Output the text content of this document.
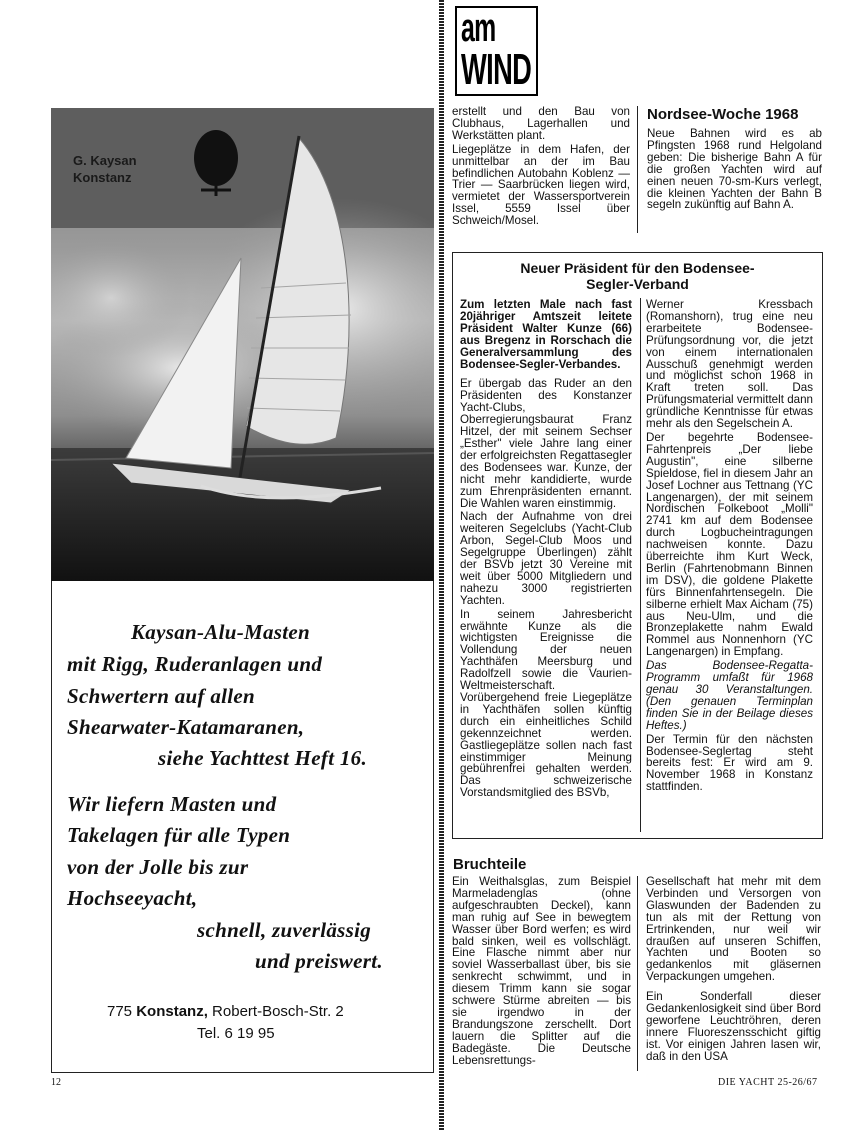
G. Kaysan
Konstanz
Kaysan-Alu-Masten
mit Rigg, Ruderanlagen und
Schwertern auf allen
Shearwater-Katamaranen,
siehe Yachttest Heft 16.
Wir liefern Masten und
Takelagen für alle Typen
von der Jolle bis zur
Hochseeyacht,
schnell, zuverlässig
und preiswert.
775 Konstanz, Robert-Bosch-Str. 2
Tel. 6 19 95
12
am
WIND

erstellt und den Bau von Clubhaus, Lagerhallen und Werkstätten plant.

Liegeplätze in dem Hafen, der unmittelbar an der im Bau befindlichen Autobahn Koblenz — Trier — Saarbrücken liegen wird, vermietet der Wassersportverein Issel, 5559 Issel über Schweich/Mosel.

Nordsee-Woche 1968
Neue Bahnen wird es ab Pfingsten 1968 rund Helgoland geben: Die bisherige Bahn A für die großen Yachten wird auf einen neuen 70-sm-Kurs verlegt, die kleinen Yachten der Bahn B segeln zukünftig auf Bahn A.
Neuer Präsident für den Bodensee-
Segler-Verband

Zum letzten Male nach fast 20jähriger Amtszeit leitete Präsident Walter Kunze (66) aus Bregenz in Rorschach die Generalversammlung des Bodensee-Segler-Verbandes.

Er übergab das Ruder an den Präsidenten des Konstanzer Yacht-Clubs, Oberregierungsbaurat Franz Hitzel, der mit seinem Sechser „Esther" viele Jahre lang einer der erfolgreichsten Regattasegler des Bodensees war. Kunze, der nicht mehr kandidierte, wurde zum Ehrenpräsidenten ernannt. Die Wahlen waren einstimmig.

Nach der Aufnahme von drei weiteren Segelclubs (Yacht-Club Arbon, Segel-Club Moos und Segelgruppe Überlingen) zählt der BSVb jetzt 30 Vereine mit weit über 5000 Mitgliedern und nahezu 3000 registrierten Yachten.

In seinem Jahresbericht erwähnte Kunze als die wichtigsten Ereignisse die Vollendung der neuen Yachthäfen Meersburg und Radolfzell sowie die Vaurien-Weltmeisterschaft. Vorübergehend freie Liegeplätze in Yachthäfen sollen künftig durch ein einheitliches Schild gekennzeichnet werden. Gastliegeplätze sollen nach fast einstimmiger Meinung gebührenfrei gehalten werden. Das schweizerische Vorstandsmitglied des BSVb,

Werner Kressbach (Romanshorn), trug eine neu erarbeitete Bodensee-Prüfungsordnung vor, die jetzt von einem internationalen Ausschuß genehmigt werden und möglichst schon 1968 in Kraft treten soll. Das Prüfungsmaterial vermittelt dann gründliche Kenntnisse für etwas mehr als den Segelschein A.

Der begehrte Bodensee-Fahrtenpreis „Der liebe Augustin", eine silberne Spieldose, fiel in diesem Jahr an Josef Lochner aus Tettnang (YC Langenargen), der mit seinem Nordischen Folkeboot „Molli" 2741 km auf dem Bodensee durch Logbucheintragungen nachweisen konnte. Dazu überreichte ihm Kurt Weck, Berlin (Fahrtenobmann Binnen im DSV), die goldene Plakette fürs Binnenfahrtensegeln. Die silberne erhielt Max Aicham (75) aus Neu-Ulm, und die Bronzeplakette nahm Ewald Rommel aus Nonnenhorn (YC Langenargen) in Empfang.

Das Bodensee-Regatta-Programm umfaßt für 1968 genau 30 Veranstaltungen. (Den genauen Terminplan finden Sie in der Beilage dieses Heftes.)

Der Termin für den nächsten Bodensee-Seglertag steht bereits fest: Er wird am 9. November 1968 in Konstanz stattfinden.

Bruchteile
Ein Weithalsglas, zum Beispiel Marmeladenglas (ohne aufgeschraubten Deckel), kann man ruhig auf See in bewegtem Wasser über Bord werfen; es wird bald sinken, weil es vollschlägt. Eine Flasche nimmt aber nur soviel Wasserballast über, bis sie senkrecht schwimmt, und in diesem Trimm kann sie sogar schwere Stürme abreiten — bis sie irgendwo in der Brandungszone zerschellt. Dort lauern die Splitter auf die Badegäste. Die Deutsche Lebensrettungs-

Gesellschaft hat mehr mit dem Verbinden und Versorgen von Glaswunden der Badenden zu tun als mit der Rettung von Ertrinkenden, nur weil wir draußen auf unseren Schiffen, Yachten und Booten so gedankenlos mit gläsernen Verpackungen umgehen.

Ein Sonderfall dieser Gedankenlosigkeit sind über Bord geworfene Leuchtröhren, deren innere Fluoreszensschicht giftig ist. Vor einigen Jahren lasen wir, daß in den USA

DIE YACHT 25-26/67
